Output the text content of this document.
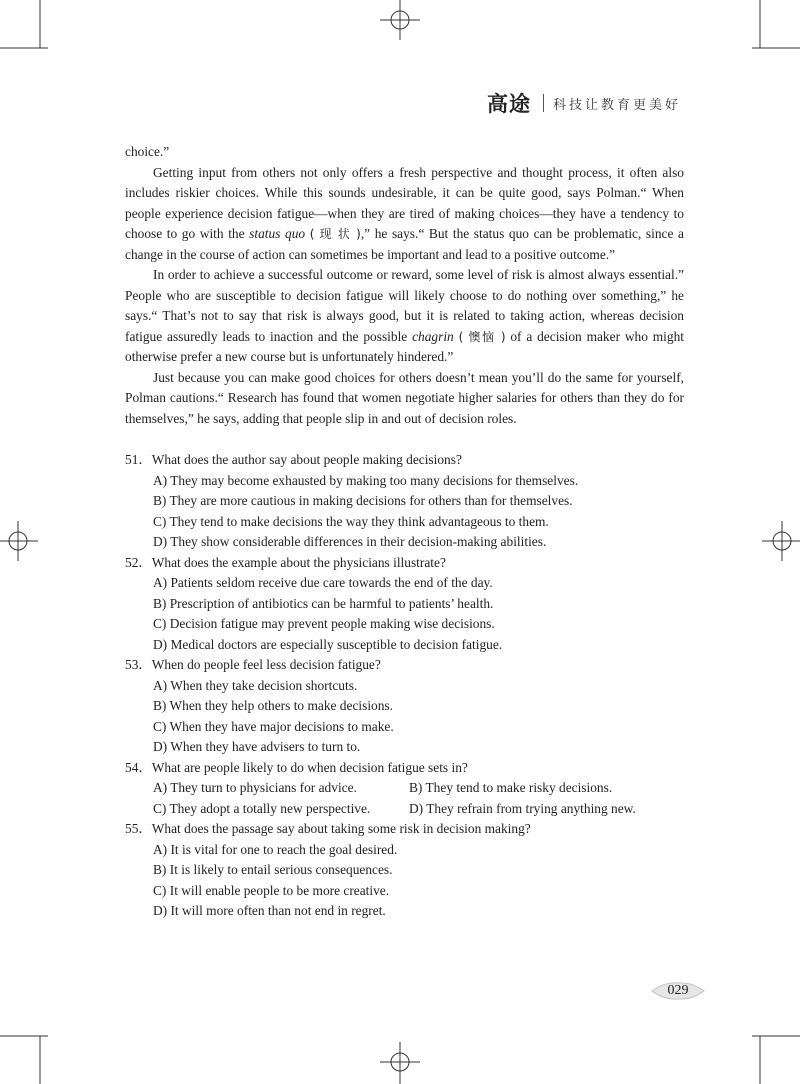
高途 科技让教育更美好

choice.”

Getting input from others not only offers a fresh perspective and thought process, it often also includes riskier choices. While this sounds undesirable, it can be quite good, says Polman.“ When people experience decision fatigue—when they are tired of making choices—they have a tendency to choose to go with the status quo ( 现 状 ),” he says.“ But the status quo can be problematic, since a change in the course of action can sometimes be important and lead to a positive outcome.”

In order to achieve a successful outcome or reward, some level of risk is almost always essential.” People who are susceptible to decision fatigue will likely choose to do nothing over something,” he says.“ That’s not to say that risk is always good, but it is related to taking action, whereas decision fatigue assuredly leads to inaction and the possible chagrin ( 懊恼 ) of a decision maker who might otherwise prefer a new course but is unfortunately hindered.”

Just because you can make good choices for others doesn’t mean you’ll do the same for yourself, Polman cautions.“ Research has found that women negotiate higher salaries for others than they do for themselves,” he says, adding that people slip in and out of decision roles.

51．What does the author say about people making decisions?
A) They may become exhausted by making too many decisions for themselves.
B) They are more cautious in making decisions for others than for themselves.
C) They tend to make decisions the way they think advantageous to them.
D) They show considerable differences in their decision-making abilities.
52．What does the example about the physicians illustrate?
A) Patients seldom receive due care towards the end of the day.
B) Prescription of antibiotics can be harmful to patients’ health.
C) Decision fatigue may prevent people making wise decisions.
D) Medical doctors are especially susceptible to decision fatigue.
53．When do people feel less decision fatigue?
A) When they take decision shortcuts.
B) When they help others to make decisions.
C) When they have major decisions to make.
D) When they have advisers to turn to.
54．What are people likely to do when decision fatigue sets in?
A) They turn to physicians for advice.	B) They tend to make risky decisions.
C) They adopt a totally new perspective.	D) They refrain from trying anything new.
55．What does the passage say about taking some risk in decision making?
A) It is vital for one to reach the goal desired.
B) It is likely to entail serious consequences.
C) It will enable people to be more creative.
D) It will more often than not end in regret.
029
